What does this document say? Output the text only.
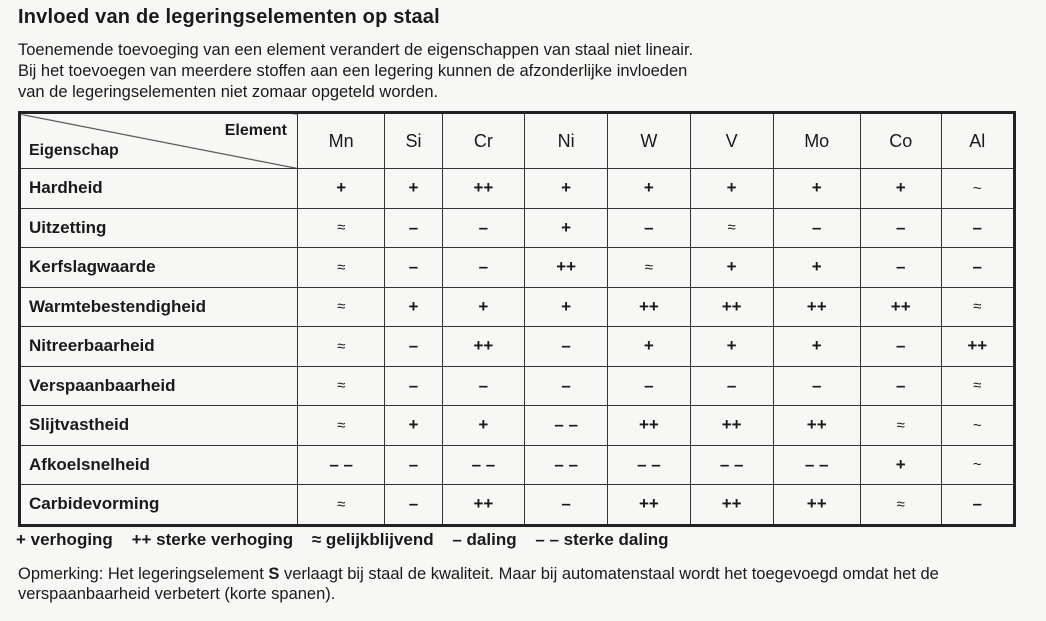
Invloed van de legeringselementen op staal
Toenemende toevoeging van een element verandert de eigenschappen van staal niet lineair.
Bij het toevoegen van meerdere stoffen aan een legering kunnen de afzonderlijke invloeden
van de legeringselementen niet zomaar opgeteld worden.
Element
Eigenschap	Mn	Si	Cr	Ni	W	V	Mo	Co	Al
Hardheid	+	+	++	+	+	+	+	+	~
Uitzetting	≈	–	–	+	–	≈	–	–	–
Kerfslagwaarde	≈	–	–	++	≈	+	+	–	–
Warmtebestendigheid	≈	+	+	+	++	++	++	++	≈
Nitreerbaarheid	≈	–	++	–	+	+	+	–	++
Verspaanbaarheid	≈	–	–	–	–	–	–	–	≈
Slijtvastheid	≈	+	+	– –	++	++	++	≈	~
Afkoelsnelheid	– –	–	– –	– –	– –	– –	– –	+	~
Carbidevorming	≈	–	++	–	++	++	++	≈	–
+ verhoging ++ sterke verhoging ≈ gelijkblijvend – daling – – sterke daling
Opmerking: Het legeringselement S verlaagt bij staal de kwaliteit. Maar bij automatenstaal wordt het toegevoegd omdat het de verspaanbaarheid verbetert (korte spanen).
